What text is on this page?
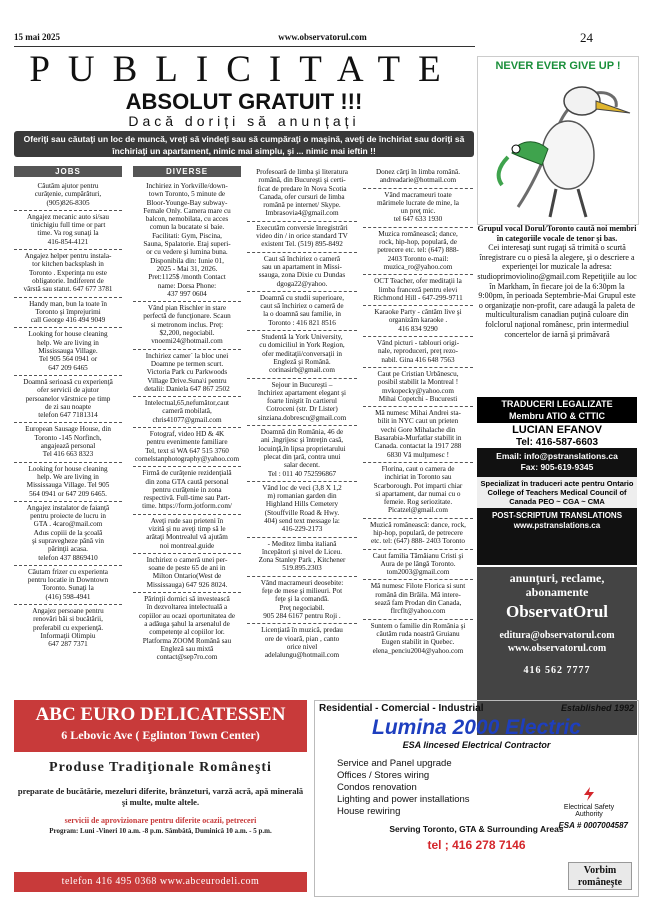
15 mai 2025	www.observatorul.com	24
PUBLICITATE
ABSOLUT GRATUIT !!!
Dacă doriți să anunțați
Oferiţi sau căutaţi un loc de muncă, vreţi să vindeţi sau să cumpăraţi o maşină, aveţi de închiriat sau doriţi să închiriaţi un apartament, nimic mai simplu, şi ... nimic mai ieftin !!
JOBS
Căutăm ajutor pentru
curăţenie, cumpărături,
(905)826-8305
Angajez mecanic auto si/sau
tinichigiu full time or part
time. Va rog sunaţi la
416-854-4121
Angajez helper pentru instala-
tor kitchen backsplash in
Toronto . Experinţa nu este
obligatorie. Indiferent de
vârstă sau statut. 647 677 3781
Handy man, bun la toate în
Toronto şi împrejurimi
call George 416 494 9049
Looking for house cleaning
help. We are living in
Mississauga Village.
Tel 905 564 0941 or
647 209 6465
Doamnă serioasă cu experienţă
ofer servicii de ajutor
persoanelor vârstnice pe timp
de zi sau noapte
telefon 647 7181314
European Sausage House, din
Toronto -145 Norfinch,
angajează personal
Tel 416 663 8323
Looking for house cleaning
help. We are living in
Mississauga Village. Tel 905
564 0941 or 647 209 6465.
Angajez instalator de faianţă
pentru proiecte de lucru in
GTA . 4caro@mail.com
Adus copiii de la şcoală
şi supravegheze până vin
părinţii acasa.
telefon 437 8869410
Căutam frizer cu experienta
pentru locatie in Downtown
Toronto. Sunaţi la
(416) 598-4941
Angajez persoane pentru
renovări băi si bucătării,
preferabil cu experienţă.
Informaţii Olimpiu
647 287 7371
DIVERSE
Inchiriez in Yorkville/down-
town Toronto, 5 minute de
Bloor-Younge-Bay subway-
Female Only. Camera mare cu
balcon, nemobilata, cu acces
comun la bucatate si baie.
Facilitati: Gym, Piscina,
Sauna, Spalatorie. Etaj superi-
or cu vedere şi lumina buna.
Disponibila din: Iunie 01,
2025 - Mai 31, 2026.
Pret:1125$ /month Contact
name: Dorsa Phone:
437 997 0604
Vând pian Rischler in stare
perfectă de funcţionare. Scaun
si metronom inclus. Preţ:
$2,200, negociabil.
vnoemi24@hotmail.com
Inchiriez camer` la bloc unei
Doamne pe termen scurt.
Victoria Park cu Parkwoods
Village Drive.Suna\i pentru
detalii: Daniela 647 867 2502
Intelectual,65,nefumător,caut
cameră mobilată,
chris41077@gmail.com
Fotograf, video HD & 4K
pentru evenimente familiare
Tel, text si WA 647 515 3760
cornelstanphotography@yahoo.com
Firmă de curăţenie rezidenţială
din zona GTA caută personal
pentru curăţenie in zona
respectivă. Full-time sau Part-
time. https://form.jotform.com/
Aveţi rude sau prieteni în
vizită şi nu aveţi timp să le
arătaţi Montrealul vă ajutăm
noi montreal.guide
Inchiriez o cameră unei per-
soane de peste 65 de ani in
Milton Ontario(West de
Mississauga) 647 926 8024.
Părinţii dornici să investească
în dezvoltarea intelectuală a
copiilor au ocazi oportunitatea de
a adăuga şahul la arsenalul de
competenţe al copiilor lor.
Platforma ZOOM Română sau
Engleză sau mixtă
contact@sep7ro.com
Profesoară de limba şi literatura
română, din Bucureşti şi certi-
ficat de predare în Nova Scotia
Canada, ofer cursuri de limba
română pe internet/ Skype.
Imbrasovia4@gmail.com
Executăm conversie înregistrări
video din / in orice standard TV
existent Tel. (519) 895-8492
Caut să închiriez o cameră
sau un apartament in Missi-
ssauga, zona Dixie cu Dundas
dgoga22@yahoo.
Doamnă cu studii superioare,
caut să închiriez o cameră de
la o doamnă sau familie, in
Toronto : 416 821 8516
Studentă la York University,
cu domiciliul in York Region,
ofer meditaţii/conversaţii in
Engleză şi Română.
corinasirb@gmail.com
Sejour in Bucureşti –
închiriez apartament elegant şi
foarte liniştit în cartierul
Cotroceni (str. Dr Lister)
sinziana.dobrescu@gmail.com
Doamnă din România, 46 de
ani ,îngrijesc şi întreţin casă,
locuinţă,în lipsa proprietarului
plecat din ţară, contra unui
salar decent.
Tel : 011 40 752596867
Vând loc de veci (3,8 X 1,2
m) romanian garden din
Highland Hills Cemetery
(Stouffville Road & Hwy.
404) send text message la:
416-229-2173
- Meditez limba italiană
începători şi nivel de Liceu.
Zona Stanley Park , Kitchener
519.895.2303
Vând macrameuri deosebite:
feţe de mese şi milieuri. Pot
feţe şi la comandă.
Preţ negociabil.
905 284 6167 pentru Roji .
Licenţiată în muzică, predau
ore de vioară, pian , canto
orice nivel
adelalungu@hotmail.com
Donez cărţi în limba română.
andreadarie@hotmail.com
Vând macrameuri toate
mărimele lucrate de mine, la
un preţ mic.
tel 647 633 1930
Muzica românească; dance,
rock, hip-hop, populară, de
petrecere etc. tel: (647) 888-
2403 Toronto e-mail:
muzica_ro@yahoo.com
OCT Teacher, ofer meditaţii la
limba franceză pentru elevi
Richmond Hill - 647-299-9711
Karaoke Party - cântăm live şi
organizăm karaoke .
416 834 9290
Vând picturi - tablouri origi-
nale, reproduceri, preţ rezo-
nabil. Gina 416 648 7563
Caut pe Cristian Urbănescu,
posibil stabilit la Montreal !
mvkopecky@yahoo.com
Mihai Copetchi - Bucuresti
Mă numesc Mihai Andrei sta-
bilit in NYC caut un prieten
vechi Gore Mihalache din
Basarabia-Murfatlar stabilit in
Canada. contactat la 1917 288
6830 Vă mulţumesc !
Florina, caut o camera de
inchiriat in Toronto sau
Scarborough. Pot imparti chiar
si apartament, dar numai cu o
femeie. Rog seriozitate.
Picatzel@gmail.com
Muzică românească: dance, rock,
hip-hop, populară, de petrecere
etc. tel: (647) 888- 2403 Toronto
Caut familia Tămăianu Cristi şi
Aura de pe lângă Toronto.
tom2003@gmail.com
Mă numesc Filote Florica si sunt
română din Brăila. Mă intere-
sează fam Prodan din Canada,
flrcflt@yahoo.com
Suntem o familie din România şi
căutăm ruda noastră Gruianu
Eugen stabilit in Quebec.
elena_penciu2004@yahoo.com
NEVER EVER GIVE UP !
Grupul vocal Dorul/Toronto caută noi membri în categoriile vocale de tenor şi bas.
Cei interesaţi sunt rugaţi să trimită o scurtă înregistrare cu o piesă la alegere, şi o descriere a experienţei lor muzicale la adresa: studioprimoviolino@gmail.com Repetiţiile au loc în Markham, în fiecare joi de la 6:30pm la 9:00pm, în perioada Septembrie-Mai Grupul este o organizaţie non-profit, care adaugă la paleta de multiculturalism canadian puţină culoare din folclorul naţional românesc, prin intermediul concertelor de iarnă şi primăvară
TRADUCERI LEGALIZATE
Membru ATIO & CTTIC
LUCIAN EFANOV
Tel: 416-587-6603
Email: info@pstranslations.ca
Fax: 905-619-9345
Specializat în traduceri acte pentru Ontario College of Teachers Medical Council of Canada PEO ~ CGA ~ CMA
POST-SCRIPTUM TRANSLATIONS
www.pstranslations.ca
anunţuri, reclame, abonamente
ObservatOrul
editura@observatorul.com
www.observatorul.com
416 562 7777
ABC EURO DELICATESSEN
6 Lebovic Ave ( Eglinton Town Center)
Produse Tradiţionale Româneşti
preparate de bucătărie, mezeluri diferite, brânzeturi, varză acră, apă minerală şi multe, multe altele.
servicii de aprovizionare pentru diferite ocazii, petreceri
Program: Luni -Vineri 10 a.m. -8 p.m. Sâmbătă, Duminică 10 a.m. - 5 p.m.
telefon 416 495 0368 www.abceurodeli.com
Residential - Comercial - Industrial	Established 1992
Lumina 2000 Electric
ESA lincesed Electrical Contractor
Service and Panel upgrade
Offices / Stores wiring
Condos renovation
Lighting and power installations
House rewiring	Electrical Safety Authority
ESA # 0007004587
Serving Toronto, GTA & Surrounding Areas
tel ; 416 278 7146
Vorbim româneşte
